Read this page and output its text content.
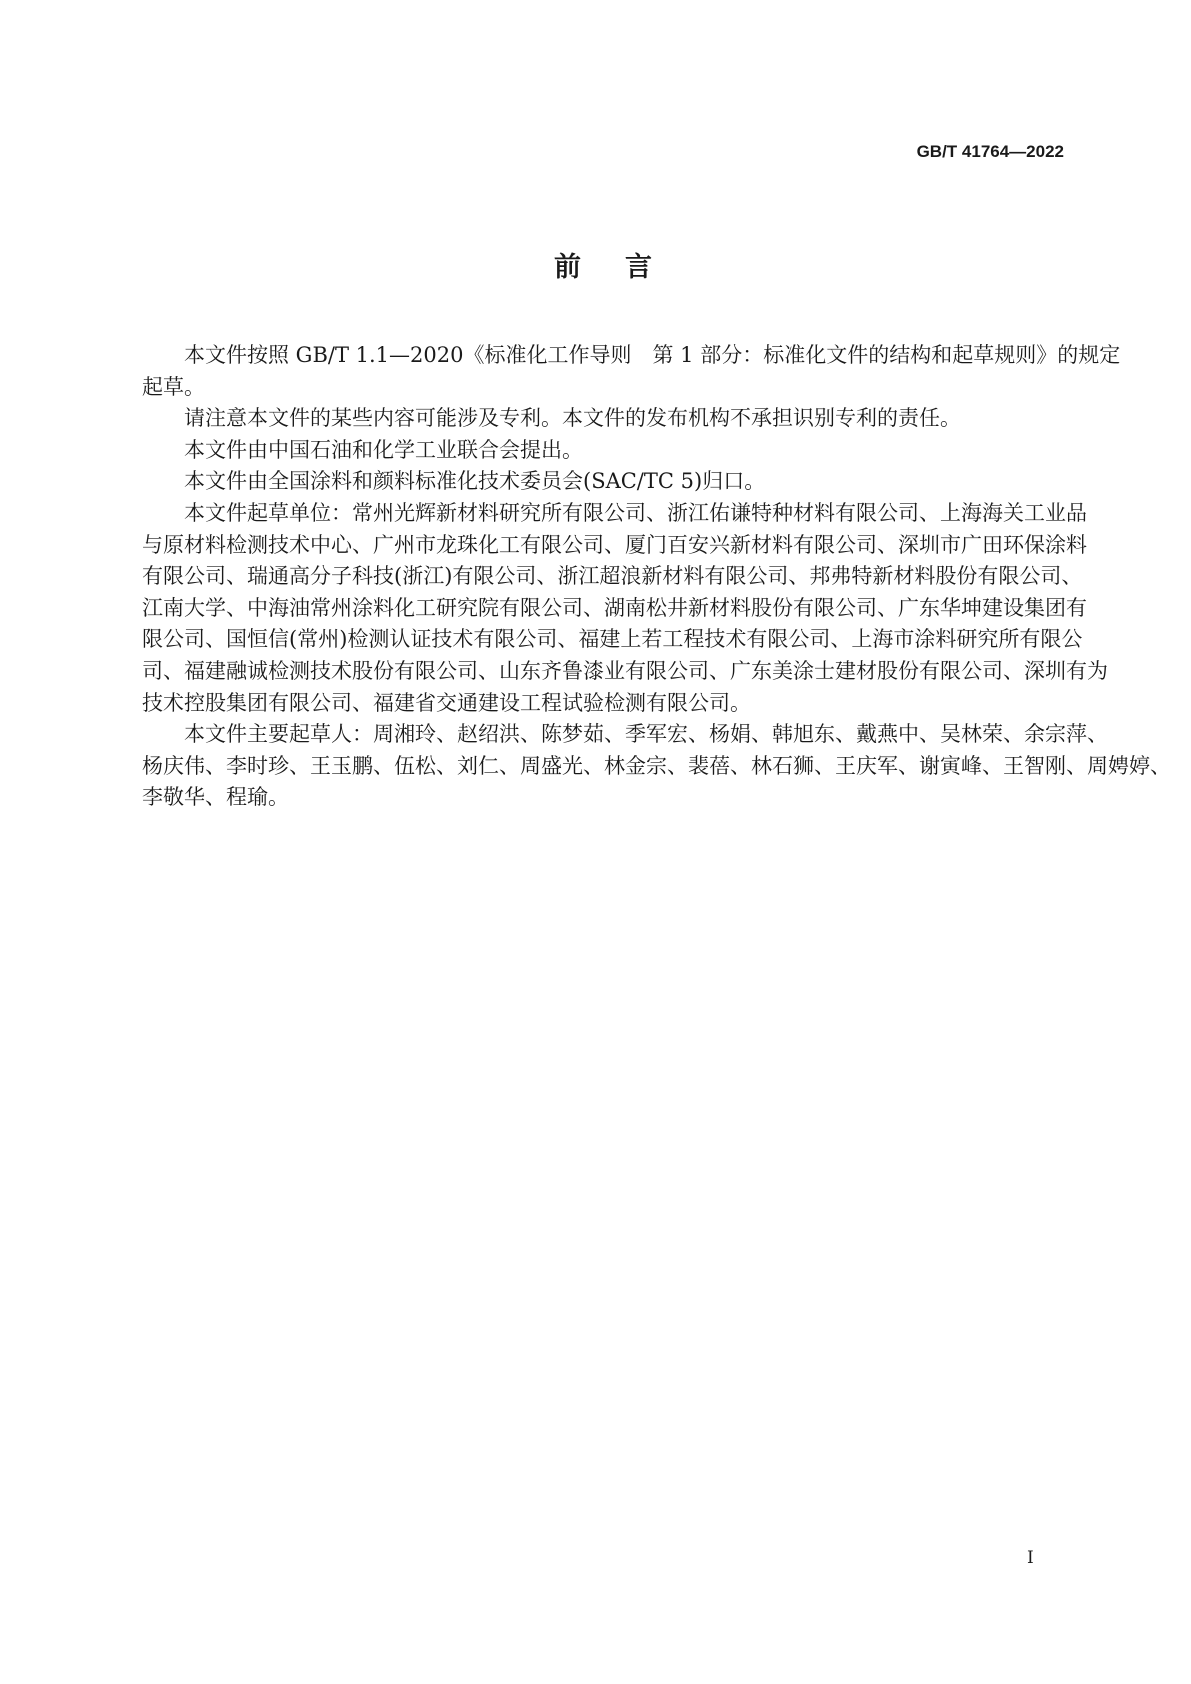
GB/T 41764—2022
前 言
本文件按照 GB/T 1.1—2020《标准化工作导则　第 1 部分：标准化文件的结构和起草规则》的规定
起草。
请注意本文件的某些内容可能涉及专利。本文件的发布机构不承担识别专利的责任。
本文件由中国石油和化学工业联合会提出。
本文件由全国涂料和颜料标准化技术委员会(SAC/TC 5)归口。
本文件起草单位：常州光辉新材料研究所有限公司、浙江佑谦特种材料有限公司、上海海关工业品
与原材料检测技术中心、广州市龙珠化工有限公司、厦门百安兴新材料有限公司、深圳市广田环保涂料
有限公司、瑞通高分子科技(浙江)有限公司、浙江超浪新材料有限公司、邦弗特新材料股份有限公司、
江南大学、中海油常州涂料化工研究院有限公司、湖南松井新材料股份有限公司、广东华坤建设集团有
限公司、国恒信(常州)检测认证技术有限公司、福建上若工程技术有限公司、上海市涂料研究所有限公
司、福建融诚检测技术股份有限公司、山东齐鲁漆业有限公司、广东美涂士建材股份有限公司、深圳有为
技术控股集团有限公司、福建省交通建设工程试验检测有限公司。
本文件主要起草人：周湘玲、赵绍洪、陈梦茹、季军宏、杨娟、韩旭东、戴燕中、吴林荣、余宗萍、
杨庆伟、李时珍、王玉鹏、伍松、刘仁、周盛光、林金宗、裴蓓、林石狮、王庆军、谢寅峰、王智刚、周娉婷、
李敬华、程瑜。
I
